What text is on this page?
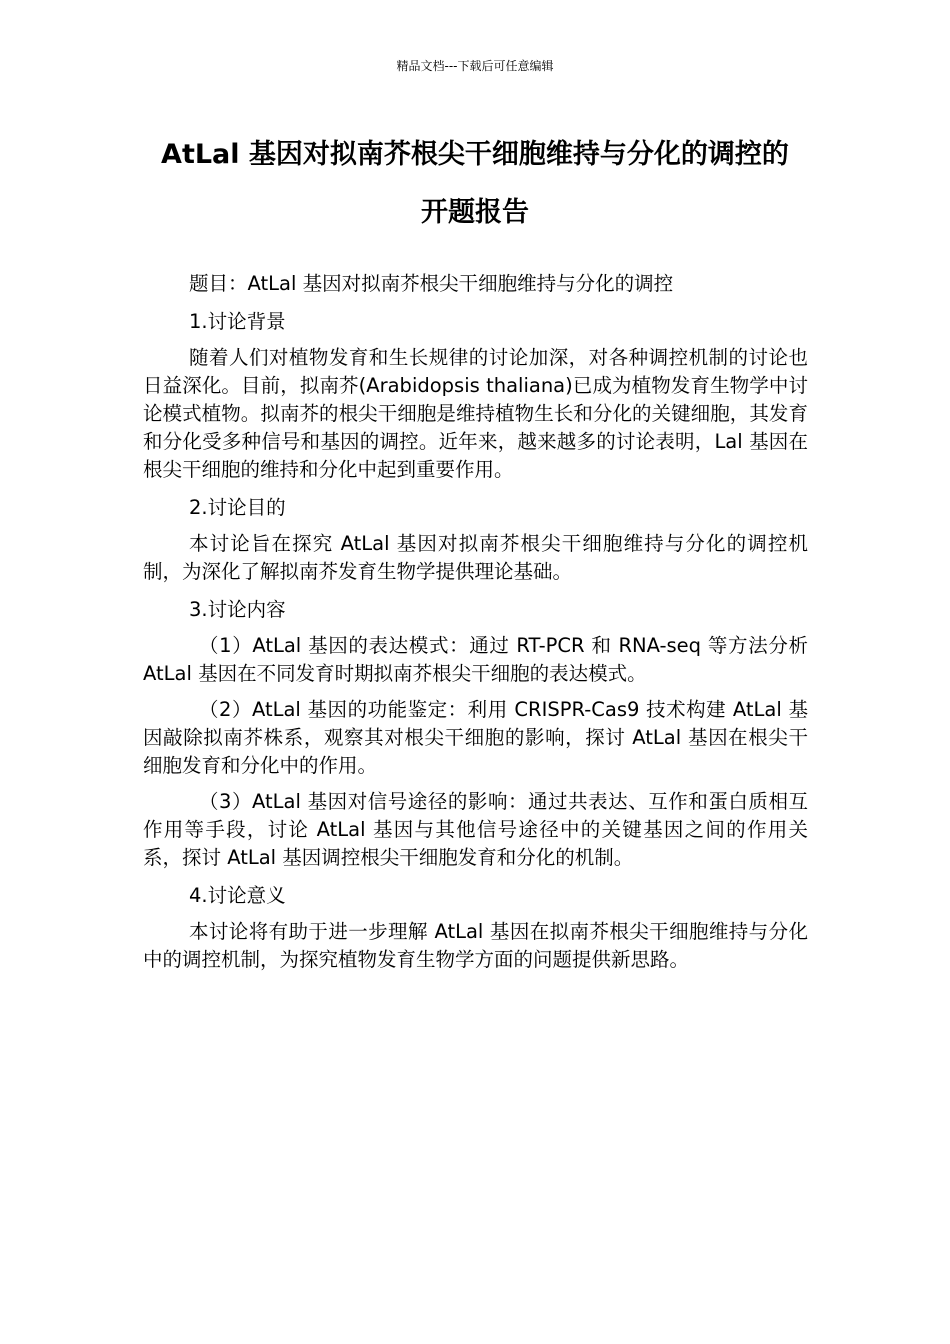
精品文档---下载后可任意编辑
AtLal 基因对拟南芥根尖干细胞维持与分化的调控的
开题报告

题目：AtLal 基因对拟南芥根尖干细胞维持与分化的调控

1.讨论背景

随着人们对植物发育和生长规律的讨论加深，对各种调控机制的讨论也日益深化。目前，拟南芥(Arabidopsis thaliana)已成为植物发育生物学中讨论模式植物。拟南芥的根尖干细胞是维持植物生长和分化的关键细胞，其发育和分化受多种信号和基因的调控。近年来，越来越多的讨论表明，Lal 基因在根尖干细胞的维持和分化中起到重要作用。

2.讨论目的

本讨论旨在探究 AtLal 基因对拟南芥根尖干细胞维持与分化的调控机制，为深化了解拟南芥发育生物学提供理论基础。

3.讨论内容

（1）AtLal 基因的表达模式：通过 RT-PCR 和 RNA-seq 等方法分析 AtLal 基因在不同发育时期拟南芥根尖干细胞的表达模式。

（2）AtLal 基因的功能鉴定：利用 CRISPR-Cas9 技术构建 AtLal 基因敲除拟南芥株系，观察其对根尖干细胞的影响，探讨 AtLal 基因在根尖干细胞发育和分化中的作用。

（3）AtLal 基因对信号途径的影响：通过共表达、互作和蛋白质相互作用等手段，讨论 AtLal 基因与其他信号途径中的关键基因之间的作用关系，探讨 AtLal 基因调控根尖干细胞发育和分化的机制。

4.讨论意义

本讨论将有助于进一步理解 AtLal 基因在拟南芥根尖干细胞维持与分化中的调控机制，为探究植物发育生物学方面的问题提供新思路。
